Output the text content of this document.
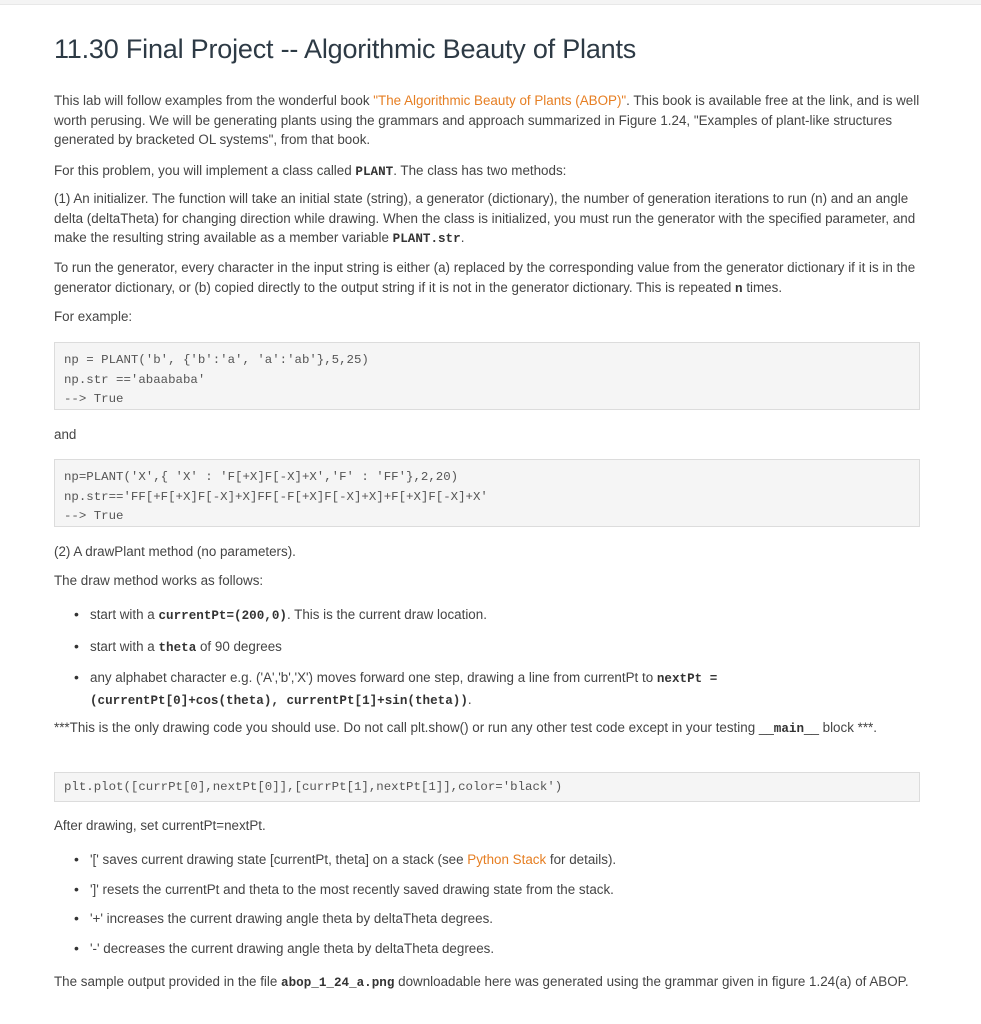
11.30 Final Project -- Algorithmic Beauty of Plants

This lab will follow examples from the wonderful book "The Algorithmic Beauty of Plants (ABOP)". This book is available free at the link, and is well worth perusing. We will be generating plants using the grammars and approach summarized in Figure 1.24, "Examples of plant-like structures generated by bracketed OL systems", from that book.

For this problem, you will implement a class called PLANT. The class has two methods:

(1) An initializer. The function will take an initial state (string), a generator (dictionary), the number of generation iterations to run (n) and an angle delta (deltaTheta) for changing direction while drawing. When the class is initialized, you must run the generator with the specified parameter, and make the resulting string available as a member variable PLANT.str.

To run the generator, every character in the input string is either (a) replaced by the corresponding value from the generator dictionary if it is in the generator dictionary, or (b) copied directly to the output string if it is not in the generator dictionary. This is repeated n times.

For example:

np = PLANT('b', {'b':'a', 'a':'ab'},5,25)
np.str =='abaababa'
--> True

and

np=PLANT('X',{ 'X' : 'F[+X]F[-X]+X','F' : 'FF'},2,20)
np.str=='FF[+F[+X]F[-X]+X]FF[-F[+X]F[-X]+X]+F[+X]F[-X]+X'
--> True

(2) A drawPlant method (no parameters).

The draw method works as follows:

• start with a currentPt=(200,0). This is the current draw location.
• start with a theta of 90 degrees
• any alphabet character e.g. ('A','b','X') moves forward one step, drawing a line from currentPt to nextPt =
(currentPt[0]+cos(theta), currentPt[1]+sin(theta)).

***This is the only drawing code you should use. Do not call plt.show() or run any other test code except in your testing __main__ block ***.

plt.plot([currPt[0],nextPt[0]],[currPt[1],nextPt[1]],color='black')

After drawing, set currentPt=nextPt.

• '[' saves current drawing state [currentPt, theta] on a stack (see Python Stack for details).
• ']' resets the currentPt and theta to the most recently saved drawing state from the stack.
• '+' increases the current drawing angle theta by deltaTheta degrees.
• '-' decreases the current drawing angle theta by deltaTheta degrees.

The sample output provided in the file abop_1_24_a.png downloadable here was generated using the grammar given in figure 1.24(a) of ABOP.
